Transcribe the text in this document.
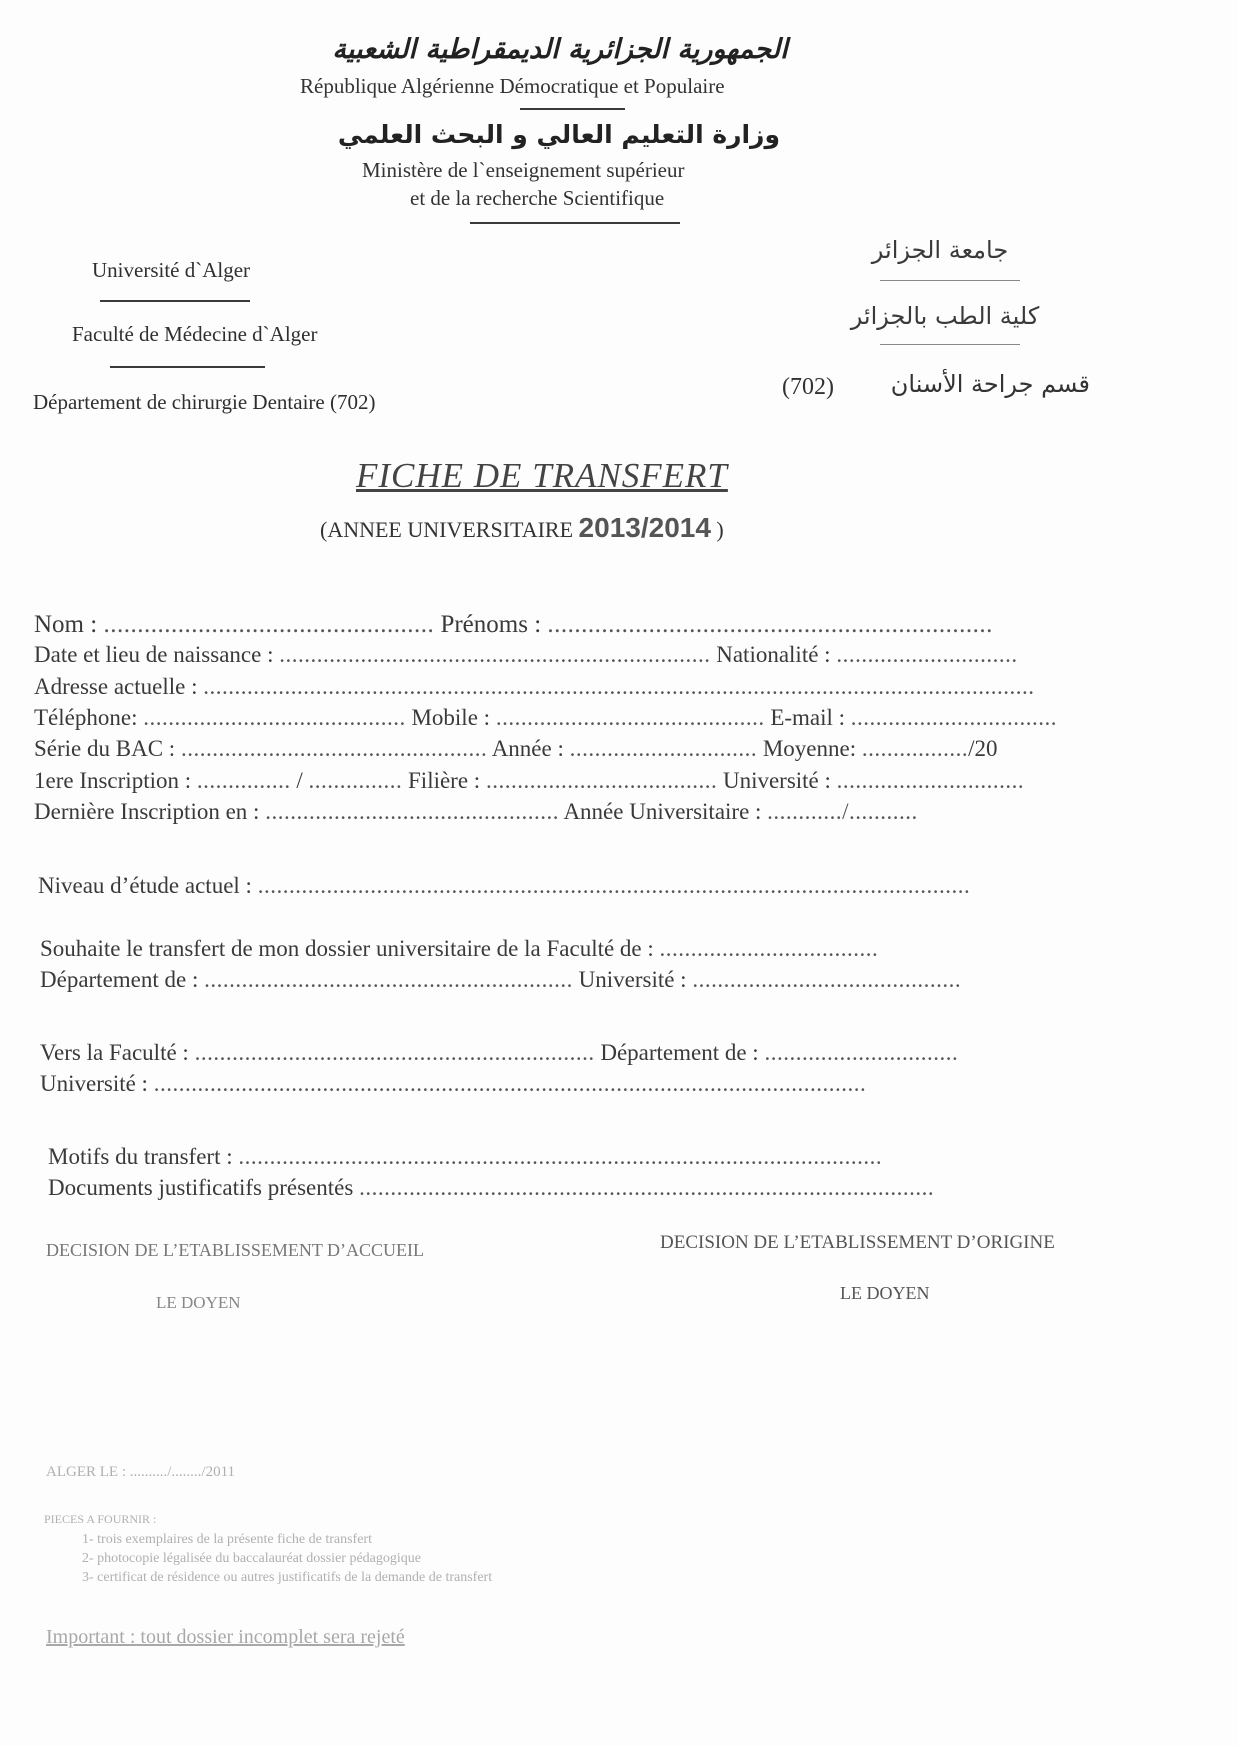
الجمهورية الجزائرية الديمقراطية الشعبية
République Algérienne Démocratique et Populaire
وزارة التعليم العالي و البحث العلمي
Ministère de l`enseignement supérieur
et de la recherche Scientifique
Université d`Alger
Faculté de Médecine d`Alger
Département de chirurgie Dentaire (702)
جامعة الجزائر
كلية الطب بالجزائر
قسم جراحة الأسنان
(702)
FICHE DE TRANSFERT
(ANNEE UNIVERSITAIRE 2013/2014 )
Nom : ................................................. Prénoms : ..................................................................
Date et lieu de naissance : ..................................................................... Nationalité : .............................
Adresse actuelle : .....................................................................................................................................
Téléphone: .......................................... Mobile : ........................................... E-mail : .................................
Série du BAC : ................................................. Année : .............................. Moyenne: ................./20
1ere Inscription : ............... / ............... Filière : ..................................... Université : ..............................
Dernière Inscription en : ............................................... Année Universitaire : ............/...........
Niveau d’étude actuel : ..................................................................................................................
Souhaite le transfert de mon dossier universitaire de la Faculté de : ...................................
Département de : ........................................................... Université : ...........................................
Vers la Faculté : ................................................................ Département de : ...............................
Université : ..................................................................................................................
Motifs du transfert : .......................................................................................................
Documents justificatifs présentés ............................................................................................
DECISION DE L’ETABLISSEMENT D’ACCUEIL	DECISION DE L’ETABLISSEMENT D’ORIGINE
LE DOYEN	LE DOYEN
ALGER LE : ........../......../2011
PIECES A FOURNIR :
1- trois exemplaires de la présente fiche de transfert
2- photocopie légalisée du baccalauréat dossier pédagogique
3- certificat de résidence ou autres justificatifs de la demande de transfert
Important : tout dossier incomplet sera rejeté
